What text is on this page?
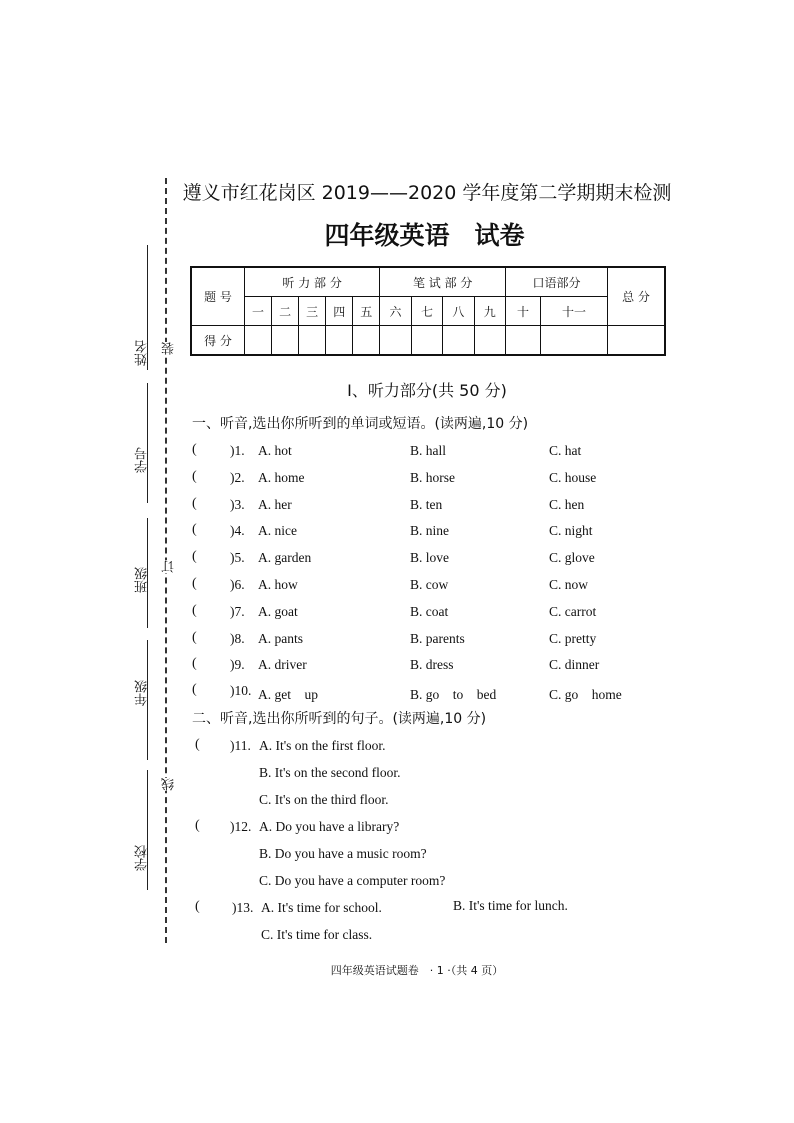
姓名
学号
班级
年级
学校
装
订
线
遵义市红花岗区 2019——2020 学年度第二学期期末检测
四年级英语　试卷
题 号	听 力 部 分					笔 试 部 分				口语部分		总 分
	一	二	三	四	五	六	七	八	九	十	十一	
得 分												
Ⅰ、听力部分(共 50 分)
一、听音,选出你所听到的单词或短语。(读两遍,10 分)
( )1. A. hot	B. hall	C. hat
( )2. A. home	B. horse	C. house
( )3. A. her	B. ten	C. hen
( )4. A. nice	B. nine	C. night
( )5. A. garden	B. love	C. glove
( )6. A. how	B. cow	C. now
( )7. A. goat	B. coat	C. carrot
( )8. A. pants	B. parents	C. pretty
( )9. A. driver	B. dress	C. dinner
( )10. A. get　up	B. go　to　bed	C. go　home
二、听音,选出你所听到的句子。(读两遍,10 分)
( )11. A. It's on the first floor.
B. It's on the second floor.
C. It's on the third floor.
( )12. A. Do you have a library?
B. Do you have a music room?
C. Do you have a computer room?
( )13. A. It's time for school.	B. It's time for lunch.
C. It's time for class.
四年级英语试题卷　· 1 ·（共 4 页）
